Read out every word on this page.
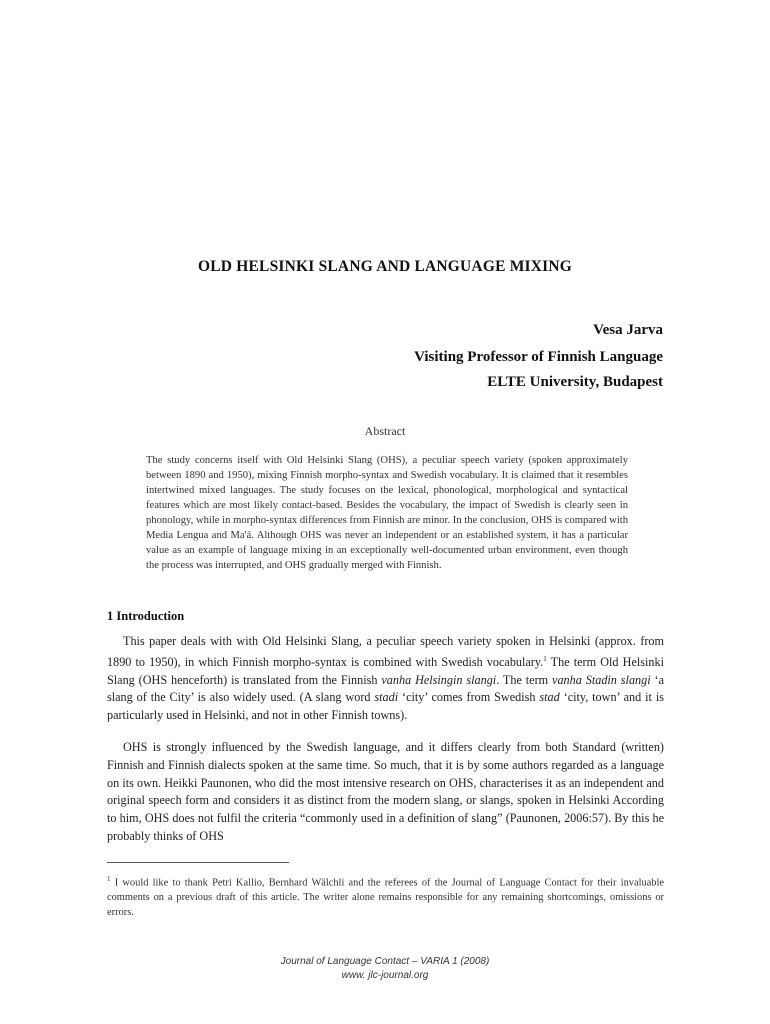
OLD HELSINKI SLANG AND LANGUAGE MIXING
Vesa Jarva
Visiting Professor of Finnish Language
ELTE University, Budapest
Abstract
The study concerns itself with Old Helsinki Slang (OHS), a peculiar speech variety (spoken approximately between 1890 and 1950), mixing Finnish morpho-syntax and Swedish vocabulary. It is claimed that it resembles intertwined mixed languages. The study focuses on the lexical, phonological, morphological and syntactical features which are most likely contact-based. Besides the vocabulary, the impact of Swedish is clearly seen in phonology, while in morpho-syntax differences from Finnish are minor. In the conclusion, OHS is compared with Media Lengua and Ma'á. Although OHS was never an independent or an established system, it has a particular value as an example of language mixing in an exceptionally well-documented urban environment, even though the process was interrupted, and OHS gradually merged with Finnish.
1 Introduction
This paper deals with with Old Helsinki Slang, a peculiar speech variety spoken in Helsinki (approx. from 1890 to 1950), in which Finnish morpho-syntax is combined with Swedish vocabulary.$^1$ The term Old Helsinki Slang (OHS henceforth) is translated from the Finnish vanha Helsingin slangi. The term vanha Stadin slangi ‘a slang of the City’ is also widely used. (A slang word stadi ‘city’ comes from Swedish stad ‘city, town’ and it is particularly used in Helsinki, and not in other Finnish towns).
OHS is strongly influenced by the Swedish language, and it differs clearly from both Standard (written) Finnish and Finnish dialects spoken at the same time. So much, that it is by some authors regarded as a language on its own. Heikki Paunonen, who did the most intensive research on OHS, characterises it as an independent and original speech form and considers it as distinct from the modern slang, or slangs, spoken in Helsinki According to him, OHS does not fulfil the criteria “commonly used in a definition of slang” (Paunonen, 2006:57). By this he probably thinks of OHS
$^1$ I would like to thank Petri Kallio, Bernhard Wälchli and the referees of the Journal of Language Contact for their invaluable comments on a previous draft of this article. The writer alone remains responsible for any remaining shortcomings, omissions or errors.
Journal of Language Contact – VARIA 1 (2008)
www. jlc-journal.org
